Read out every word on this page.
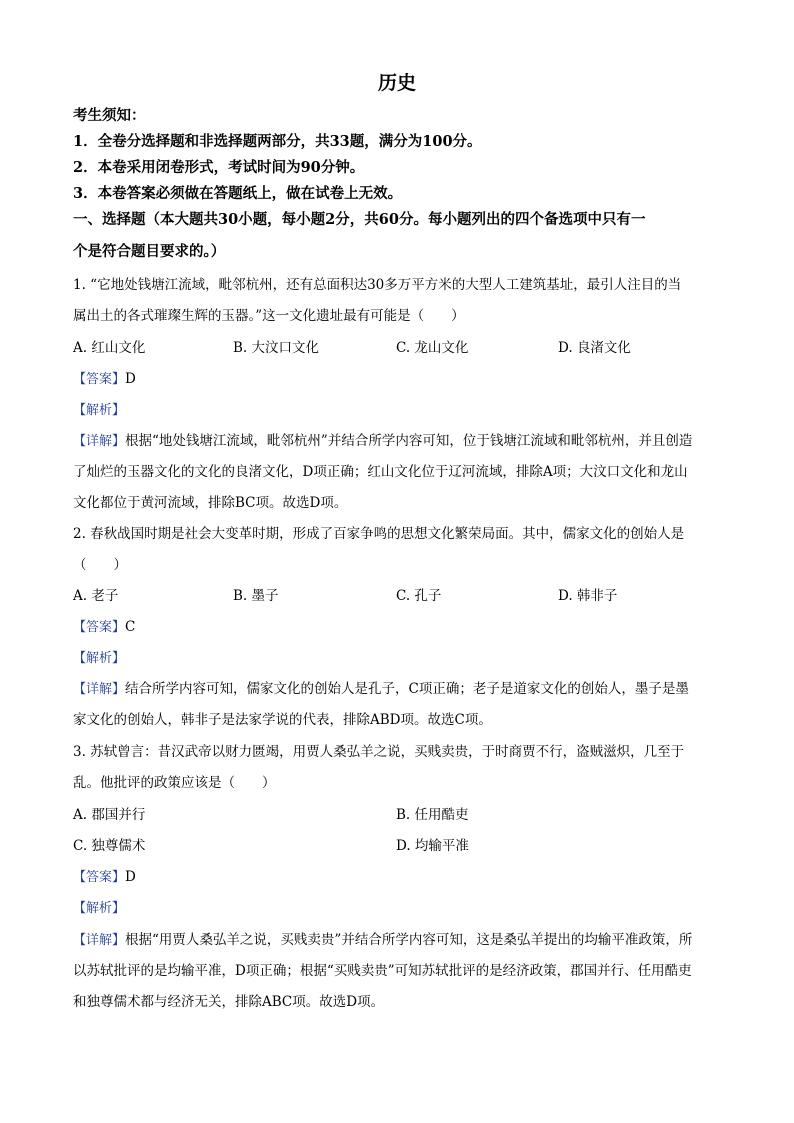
历史
考生须知：
1．全卷分选择题和非选择题两部分，共33题，满分为100分。
2．本卷采用闭卷形式，考试时间为90分钟。
3．本卷答案必须做在答题纸上，做在试卷上无效。
一、选择题（本大题共30小题，每小题2分，共60分。每小题列出的四个备选项中只有一
个是符合题目要求的。）
1. “它地处钱塘江流域，毗邻杭州，还有总面积达30多万平方米的大型人工建筑基址，最引人注目的当
属出土的各式璀璨生辉的玉器。”这一文化遗址最有可能是（　　）
A. 红山文化	B. 大汶口文化	C. 龙山文化	D. 良渚文化
【答案】D
【解析】
【详解】根据“地处钱塘江流域，毗邻杭州”并结合所学内容可知，位于钱塘江流域和毗邻杭州，并且创造
了灿烂的玉器文化的文化的良渚文化，D项正确；红山文化位于辽河流域，排除A项；大汶口文化和龙山
文化都位于黄河流域，排除BC项。故选D项。
2. 春秋战国时期是社会大变革时期，形成了百家争鸣的思想文化繁荣局面。其中，儒家文化的创始人是
（　　）
A. 老子	B. 墨子	C. 孔子	D. 韩非子
【答案】C
【解析】
【详解】结合所学内容可知，儒家文化的创始人是孔子，C项正确；老子是道家文化的创始人，墨子是墨
家文化的创始人，韩非子是法家学说的代表，排除ABD项。故选C项。
3. 苏轼曾言：昔汉武帝以财力匮竭，用贾人桑弘羊之说，买贱卖贵，于时商贾不行，盗贼滋炽，几至于
乱。他批评的政策应该是（　　）
A. 郡国并行	B. 任用酷吏
C. 独尊儒术	D. 均输平准
【答案】D
【解析】
【详解】根据“用贾人桑弘羊之说，买贱卖贵”并结合所学内容可知，这是桑弘羊提出的均输平准政策，所
以苏轼批评的是均输平准，D项正确；根据“买贱卖贵”可知苏轼批评的是经济政策，郡国并行、任用酷吏
和独尊儒术都与经济无关，排除ABC项。故选D项。
